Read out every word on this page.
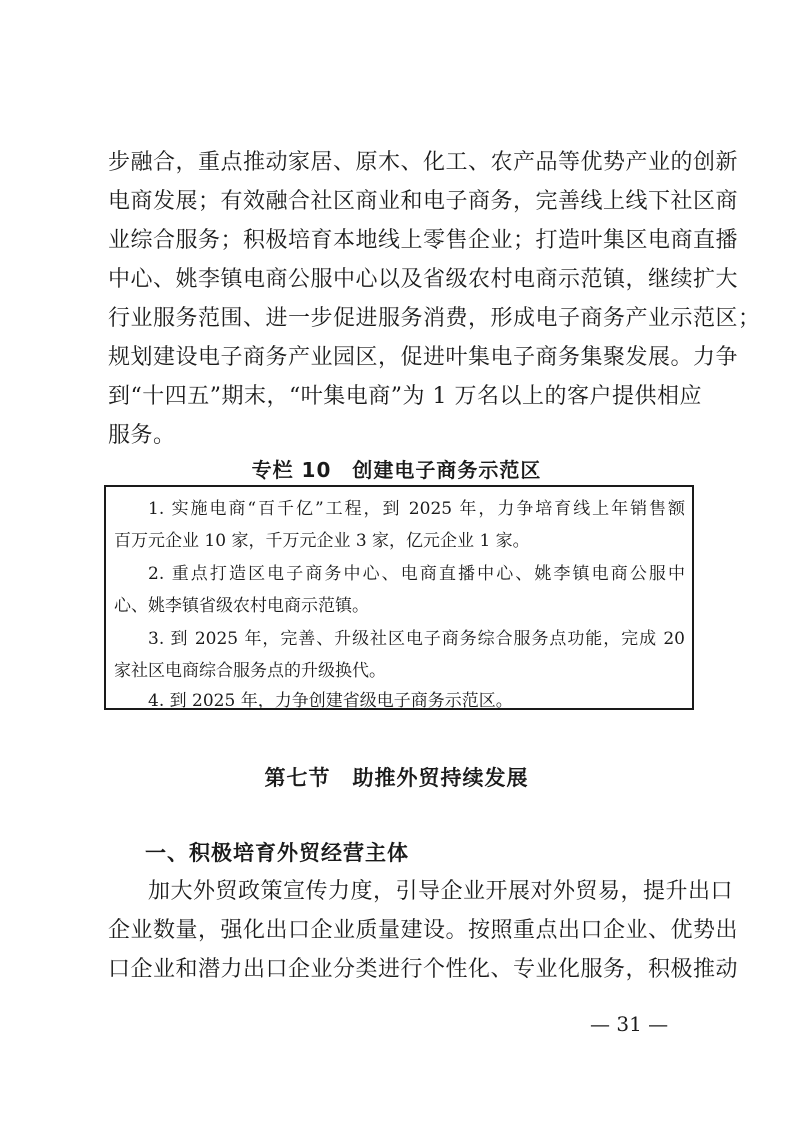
步融合，重点推动家居、原木、化工、农产品等优势产业的创新
电商发展；有效融合社区商业和电子商务，完善线上线下社区商
业综合服务；积极培育本地线上零售企业；打造叶集区电商直播
中心、姚李镇电商公服中心以及省级农村电商示范镇，继续扩大
行业服务范围、进一步促进服务消费，形成电子商务产业示范区；
规划建设电子商务产业园区，促进叶集电子商务集聚发展。力争
到“十四五”期末，“叶集电商”为 1 万名以上的客户提供相应
服务。
专栏 10　创建电子商务示范区
1. 实施电商“百千亿”工程，到 2025 年，力争培育线上年销售额
百万元企业 10 家，千万元企业 3 家，亿元企业 1 家。
2. 重点打造区电子商务中心、电商直播中心、姚李镇电商公服中
心、姚李镇省级农村电商示范镇。
3. 到 2025 年，完善、升级社区电子商务综合服务点功能，完成 20
家社区电商综合服务点的升级换代。
4. 到 2025 年，力争创建省级电子商务示范区。
第七节　助推外贸持续发展
一、积极培育外贸经营主体
加大外贸政策宣传力度，引导企业开展对外贸易，提升出口
企业数量，强化出口企业质量建设。按照重点出口企业、优势出
口企业和潜力出口企业分类进行个性化、专业化服务，积极推动
— 31 —
